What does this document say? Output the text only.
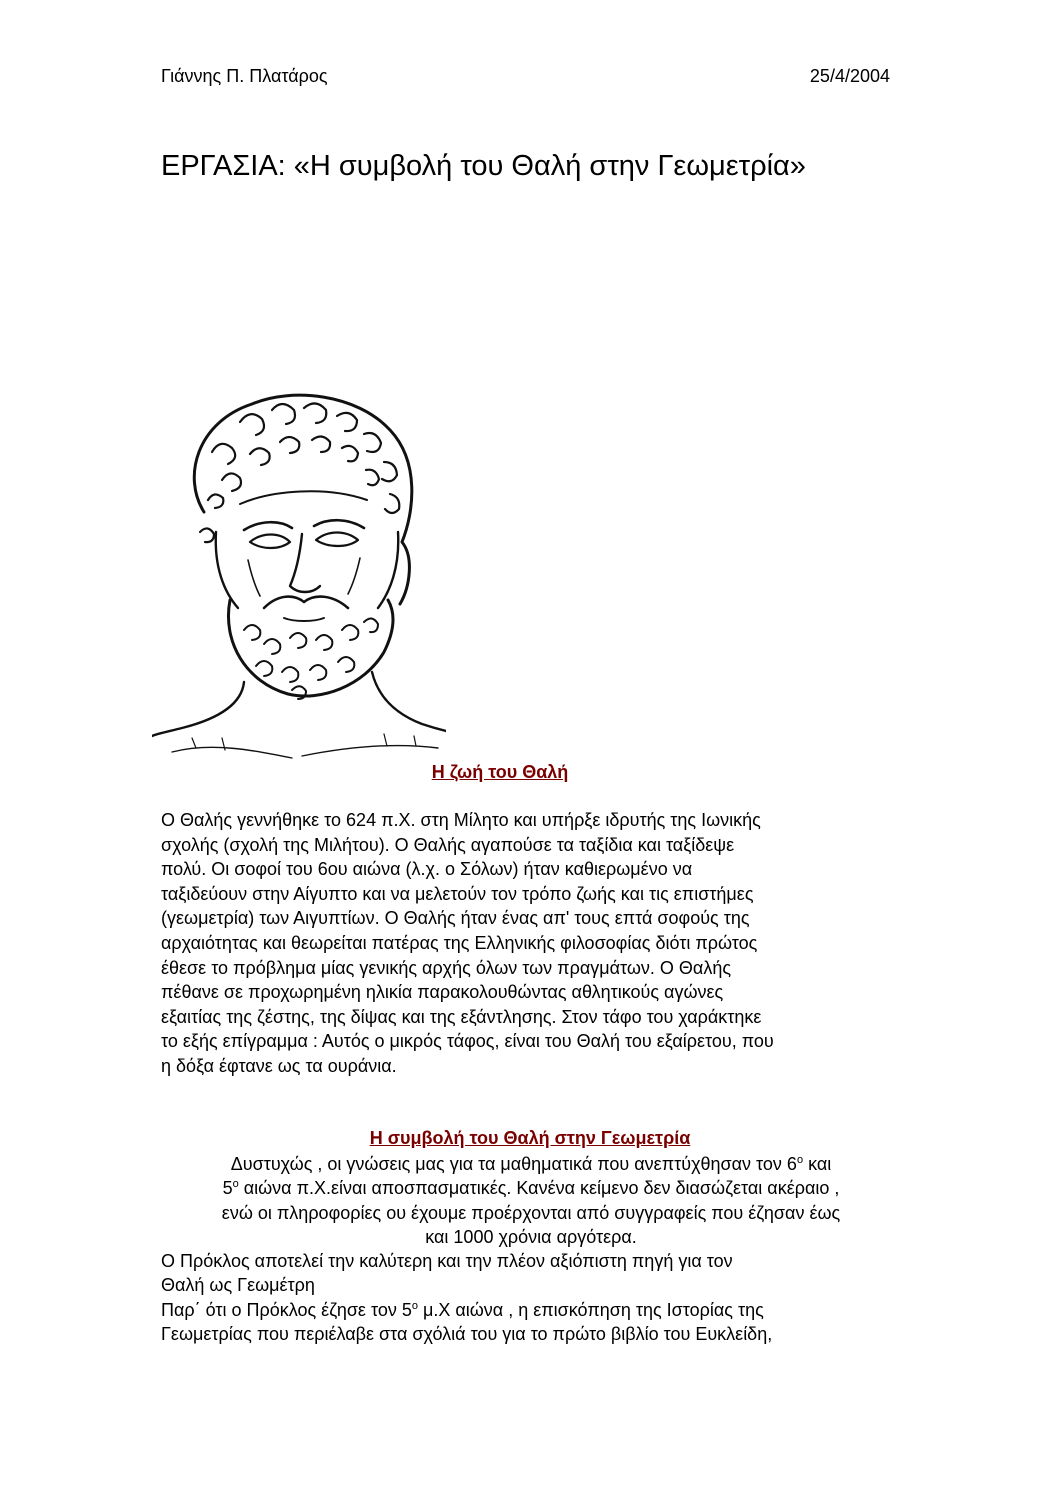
Γιάννης Π. Πλατάρος	25/4/2004
ΕΡΓΑΣΙΑ: «Η συμβολή του Θαλή στην Γεωμετρία»
Η ζωή του Θαλή
Ο Θαλής γεννήθηκε το 624 π.Χ. στη Μίλητο και υπήρξε ιδρυτής της Ιωνικής
σχολής (σχολή της Μιλήτου). Ο Θαλής αγαπούσε τα ταξίδια και ταξίδεψε
πολύ. Οι σοφοί του 6ου αιώνα (λ.χ. ο Σόλων) ήταν καθιερωμένο να
ταξιδεύουν στην Αίγυπτο και να μελετούν τον τρόπο ζωής και τις επιστήμες
(γεωμετρία) των Αιγυπτίων. Ο Θαλής ήταν ένας απ' τους επτά σοφούς της
αρχαιότητας και θεωρείται πατέρας της Ελληνικής φιλοσοφίας διότι πρώτος
έθεσε το πρόβλημα μίας γενικής αρχής όλων των πραγμάτων. Ο Θαλής
πέθανε σε προχωρημένη ηλικία παρακολουθώντας αθλητικούς αγώνες
εξαιτίας της ζέστης, της δίψας και της εξάντλησης. Στον τάφο του χαράκτηκε
το εξής επίγραμμα : Αυτός ο μικρός τάφος, είναι του Θαλή του εξαίρετου, που
η δόξα έφτανε ως τα ουράνια.
Η συμβολή του Θαλή στην Γεωμετρία
Δυστυχώς , οι γνώσεις μας για τα μαθηματικά που ανεπτύχθησαν τον $6^o$ και
$5^o$ αιώνα π.Χ.είναι αποσπασματικές. Κανένα κείμενο δεν διασώζεται ακέραιο ,
ενώ οι πληροφορίες ου έχουμε προέρχονται από συγγραφείς που έζησαν έως
και 1000 χρόνια αργότερα.
Ο Πρόκλος αποτελεί την καλύτερη και την πλέον αξιόπιστη πηγή για τον
Θαλή ως Γεωμέτρη
Παρ΄ ότι ο Πρόκλος έζησε τον $5^o$ μ.Χ αιώνα , η επισκόπηση της Ιστορίας της
Γεωμετρίας που περιέλαβε στα σχόλιά του για το πρώτο βιβλίο του Ευκλείδη,
